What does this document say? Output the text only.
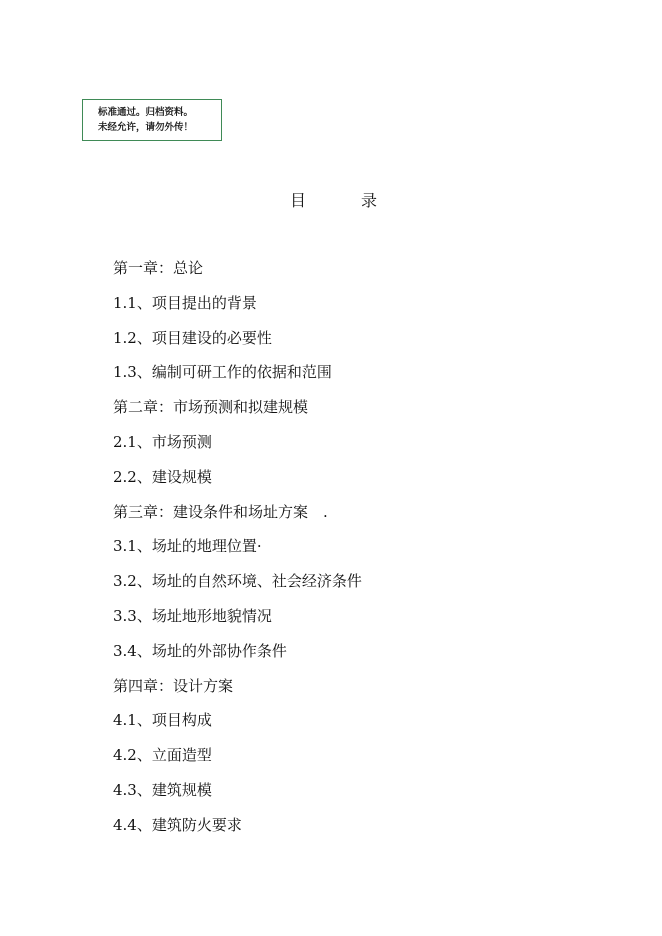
标准通过。归档资料。
未经允许，请勿外传！
目	录
第一章：总论
1.1、项目提出的背景
1.2、项目建设的必要性
1.3、编制可研工作的依据和范围
第二章：市场预测和拟建规模
2.1、市场预测
2.2、建设规模
第三章：建设条件和场址方案　.
3.1、场址的地理位置·
3.2、场址的自然环境、社会经济条件
3.3、场址地形地貌情况
3.4、场址的外部协作条件
第四章：设计方案
4.1、项目构成
4.2、立面造型
4.3、建筑规模
4.4、建筑防火要求
